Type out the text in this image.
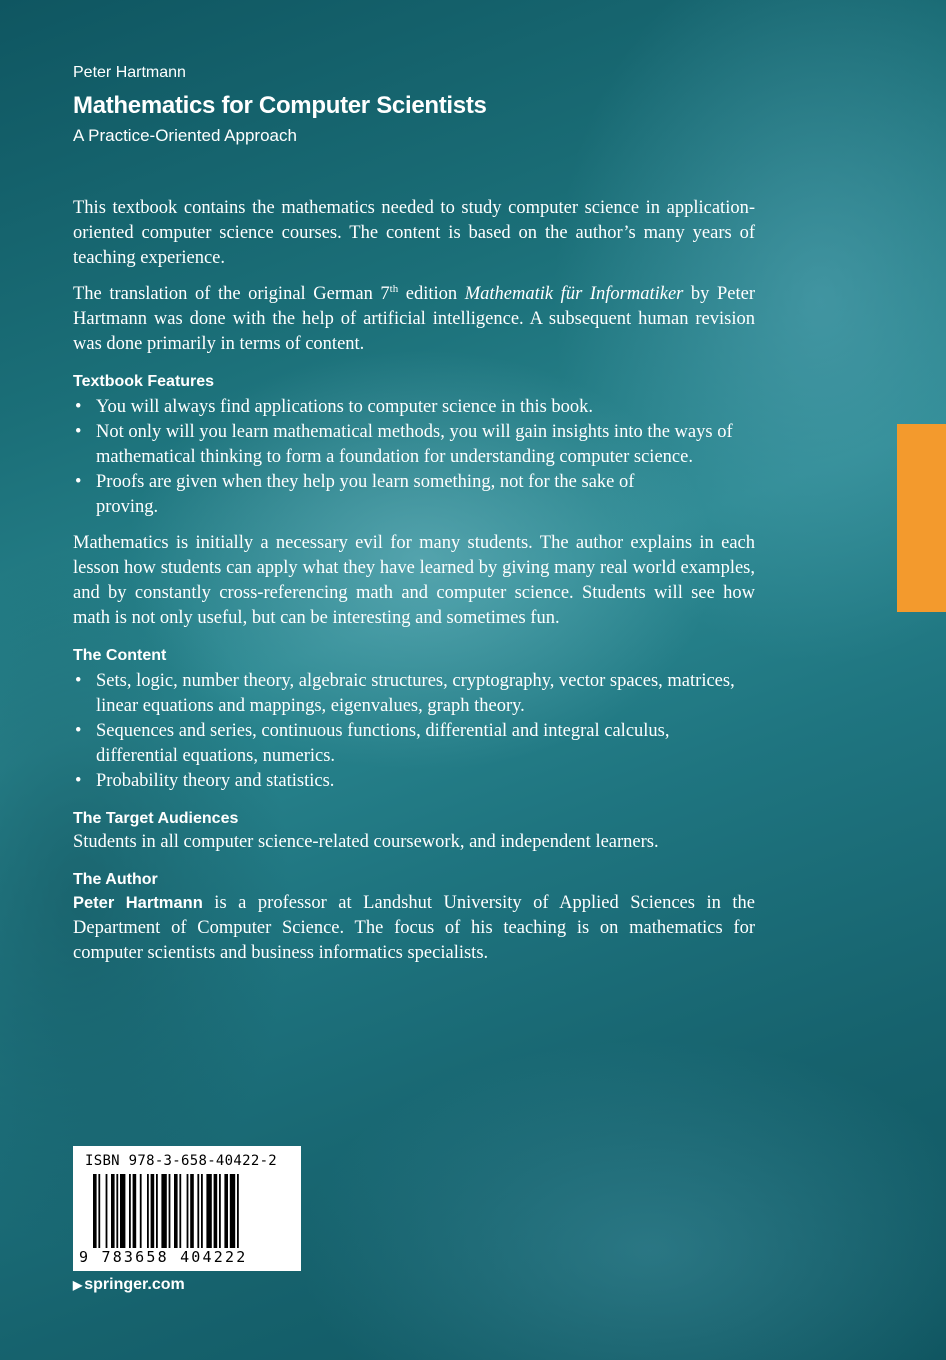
Peter Hartmann
Mathematics for Computer Scientists
A Practice-Oriented Approach

This textbook contains the mathematics needed to study computer science in application-oriented computer science courses. The content is based on the author’s many years of teaching experience.

The translation of the original German 7th edition Mathematik für Informatiker by Peter Hartmann was done with the help of artificial intelligence. A subsequent human revision was done primarily in terms of content.

Textbook Features
• You will always find applications to computer science in this book.
• Not only will you learn mathematical methods, you will gain insights into the ways of mathematical thinking to form a foundation for understanding computer science.
• Proofs are given when they help you learn something, not for the sake of proving.

Mathematics is initially a necessary evil for many students. The author explains in each lesson how students can apply what they have learned by giving many real world examples, and by constantly cross-referencing math and computer science. Students will see how math is not only useful, but can be interesting and sometimes fun.

The Content
• Sets, logic, number theory, algebraic structures, cryptography, vector spaces, matrices, linear equations and mappings, eigenvalues, graph theory.
• Sequences and series, continuous functions, differential and integral calculus, differential equations, numerics.
• Probability theory and statistics.
The Target Audiences

Students in all computer science-related coursework, and independent learners.

The Author

Peter Hartmann is a professor at Landshut University of Applied Sciences in the Department of Computer Science. The focus of his teaching is on mathematics for computer scientists and business informatics specialists.

ISBN 978-3-658-40422-2
9 783658 404222
▶ springer.com
